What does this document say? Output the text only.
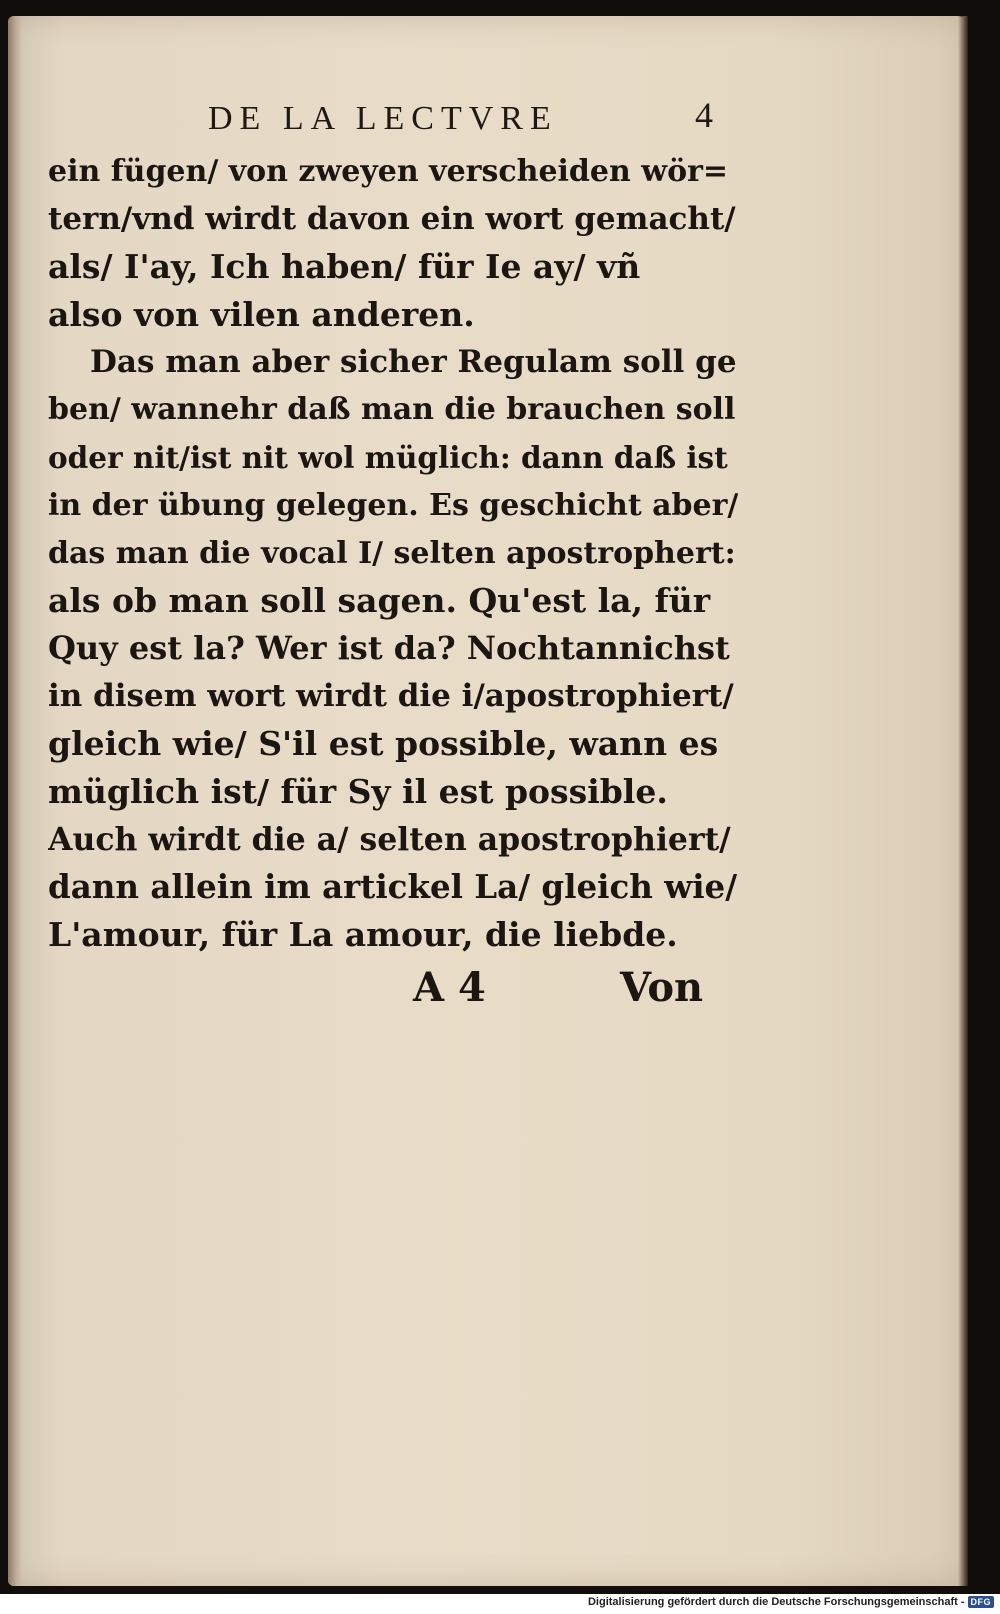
DE LA LECTVRE	4
ein fügen/ von zweyen verscheiden wör=
tern/vnd wirdt davon ein wort gemacht/
als/ I'ay, Ich haben/ für Ie ay/ vñ
also von vilen anderen.
Das man aber sicher Regulam soll ge
ben/ wannehr daß man die brauchen soll
oder nit/ist nit wol müglich: dann daß ist
in der übung gelegen. Es geschicht aber/
das man die vocal I/ selten apostrophert:
als ob man soll sagen. Qu'est la, für
Quy est la? Wer ist da? Nochtannichst
in disem wort wirdt die i/apostrophiert/
gleich wie/ S'il est possible, wann es
müglich ist/ für Sy il est possible.
Auch wirdt die a/ selten apostrophiert/
dann allein im artickel La/ gleich wie/
L'amour, für La amour, die liebde.
A 4	Von
Digitalisierung gefördert durch die Deutsche Forschungsgemeinschaft - DFG
